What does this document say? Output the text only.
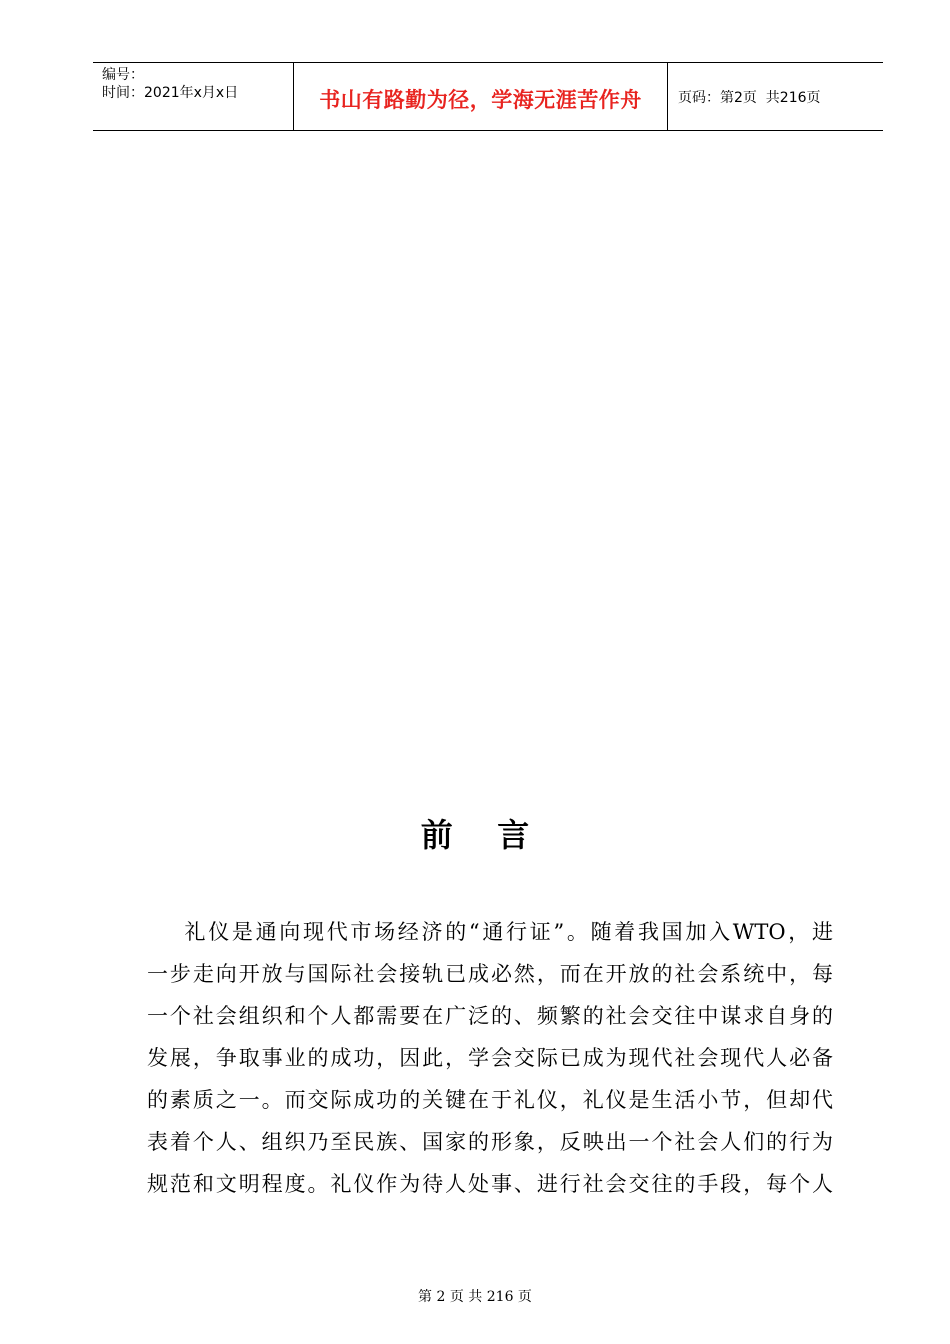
编号：
时间：2021年x月x日	书山有路勤为径，学海无涯苦作舟	页码：第2页  共216页
前    言
礼仪是通向现代市场经济的“通行证”。随着我国加入WTO，进
一步走向开放与国际社会接轨已成必然，而在开放的社会系统中，每
一个社会组织和个人都需要在广泛的、频繁的社会交往中谋求自身的
发展，争取事业的成功，因此，学会交际已成为现代社会现代人必备
的素质之一。而交际成功的关键在于礼仪，礼仪是生活小节，但却代
表着个人、组织乃至民族、国家的形象，反映出一个社会人们的行为
规范和文明程度。礼仪作为待人处事、进行社会交往的手段，每个人
第 2 页 共 216 页
